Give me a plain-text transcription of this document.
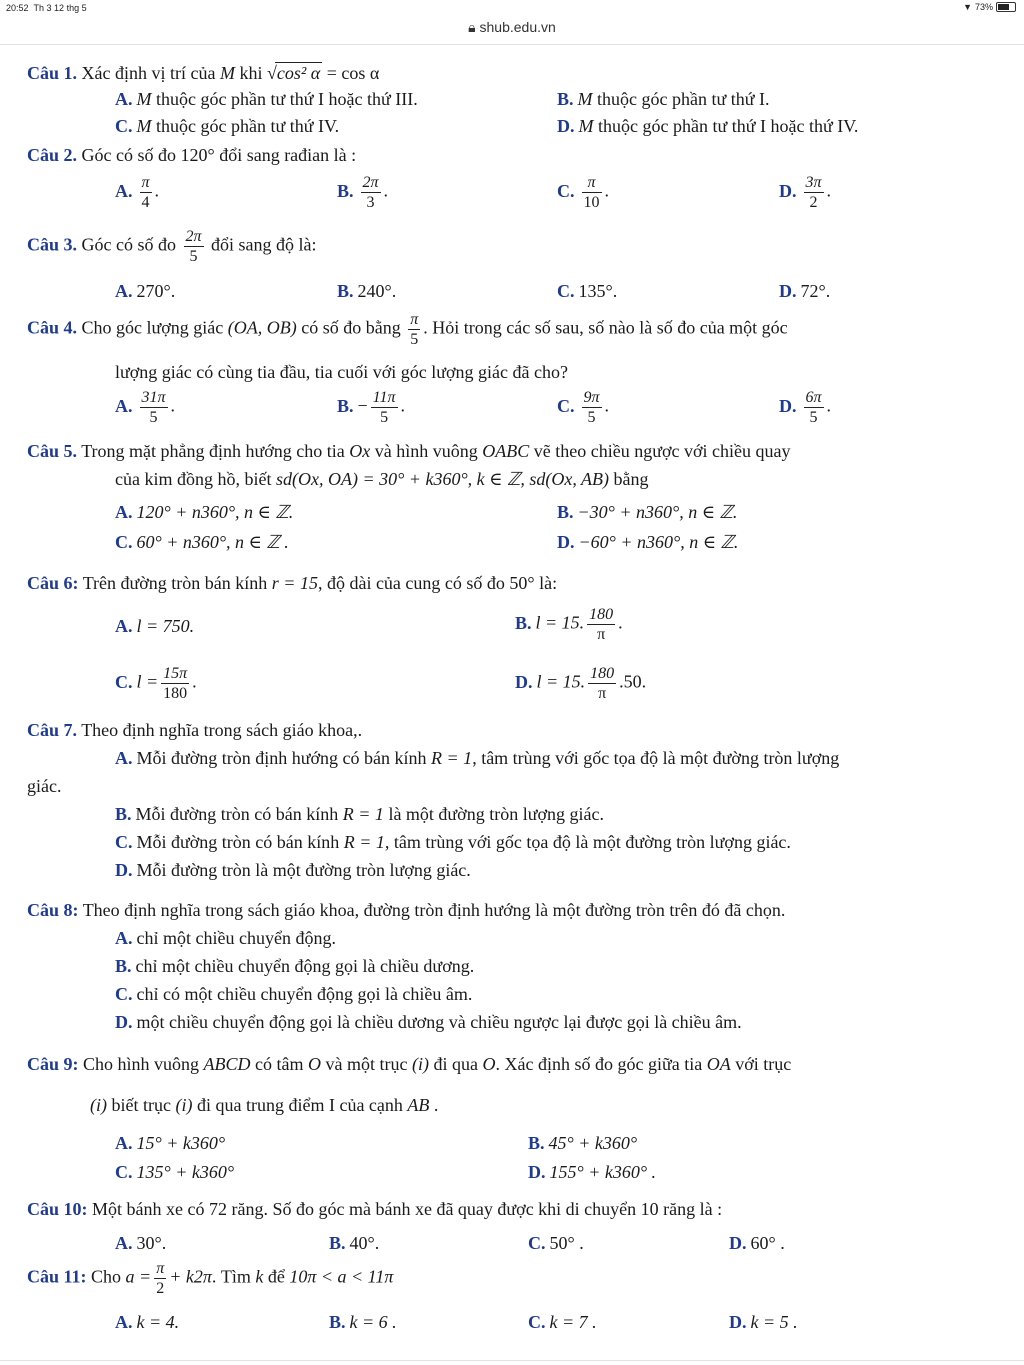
20:52 Th 3 12 thg 5	▼ 73%
🔒︎ shub.edu.vn
Câu 1. Xác định vị trí của M khi √cos² α = cos α
A. M thuộc góc phần tư thứ I hoặc thứ III.	B. M thuộc góc phần tư thứ I.
C. M thuộc góc phần tư thứ IV.	D. M thuộc góc phần tư thứ I hoặc thứ IV.
Câu 2. Góc có số đo 120° đổi sang rađian là :
A. $\frac{\pi}{4}$ .	B. $\frac{2\pi}{3}$ .	C. $\frac{\pi}{10}$ .	D. $\frac{3\pi}{2}$ .
Câu 3. Góc có số đo $\frac{2\pi}{5}$ đổi sang độ là:
A. 270°.	B. 240°.	C. 135°.	D. 72°.
Câu 4. Cho góc lượng giác (OA, OB) có số đo bằng $\frac{\pi}{5}$ . Hỏi trong các số sau, số nào là số đo của một góc
lượng giác có cùng tia đầu, tia cuối với góc lượng giác đã cho?
A. $\frac{31\pi}{5}$ .	B. − $\frac{11\pi}{5}$ .	C. $\frac{9\pi}{5}$ .	D. $\frac{6\pi}{5}$ .
Câu 5. Trong mặt phẳng định hướng cho tia Ox và hình vuông OABC vẽ theo chiều ngược với chiều quay
của kim đồng hồ, biết sd(Ox, OA) = 30° + k360°, k ∈ ℤ, sd(Ox, AB) bằng
A. 120° + n360°, n ∈ ℤ.	B. −30° + n360°, n ∈ ℤ.
C. 60° + n360°, n ∈ ℤ .	D. −60° + n360°, n ∈ ℤ.
Câu 6: Trên đường tròn bán kính r = 15, độ dài của cung có số đo 50° là:
A. l = 750.	B. l = 15. $\frac{180}{\pi}$ .
C. $l = \frac{15\pi}{180}$ .	D. l = 15. $\frac{180}{\pi} .50$.
Câu 7. Theo định nghĩa trong sách giáo khoa,.
A. Mỗi đường tròn định hướng có bán kính R = 1, tâm trùng với gốc tọa độ là một đường tròn lượng
giác.
B. Mỗi đường tròn có bán kính R = 1 là một đường tròn lượng giác.
C. Mỗi đường tròn có bán kính R = 1, tâm trùng với gốc tọa độ là một đường tròn lượng giác.
D. Mỗi đường tròn là một đường tròn lượng giác.
Câu 8: Theo định nghĩa trong sách giáo khoa, đường tròn định hướng là một đường tròn trên đó đã chọn.
A. chỉ một chiều chuyển động.
B. chỉ một chiều chuyển động gọi là chiều dương.
C. chỉ có một chiều chuyển động gọi là chiều âm.
D. một chiều chuyển động gọi là chiều dương và chiều ngược lại được gọi là chiều âm.
Câu 9: Cho hình vuông ABCD có tâm O và một trục (i) đi qua O. Xác định số đo góc giữa tia OA với trục
(i) biết trục (i) đi qua trung điểm I của cạnh AB .
A. 15° + k360°	B. 45° + k360°
C. 135° + k360°	D. 155° + k360° .
Câu 10: Một bánh xe có 72 răng. Số đo góc mà bánh xe đã quay được khi di chuyển 10 răng là :
A. 30°.	B. 40°.	C. 50° .	D. 60° .
Câu 11: Cho $a = \frac{\pi}{2} + k2\pi$. Tìm k để 10π < a < 11π
A. k = 4.	B. k = 6 .	C. k = 7 .	D. k = 5 .
